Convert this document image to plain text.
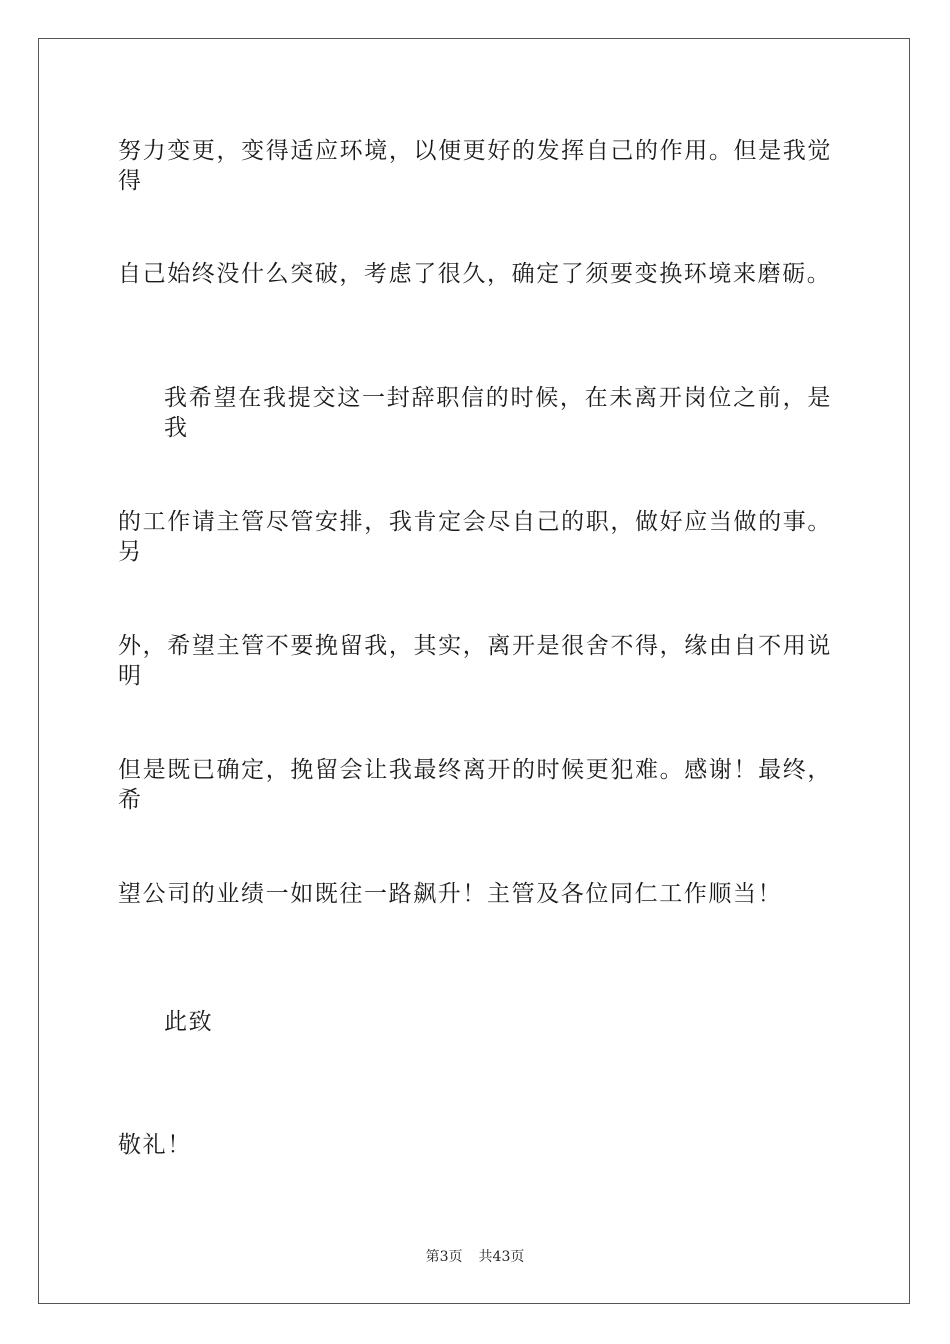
努力变更，变得适应环境，以便更好的发挥自己的作用。但是我觉得
自己始终没什么突破，考虑了很久，确定了须要变换环境来磨砺。
我希望在我提交这一封辞职信的时候，在未离开岗位之前，是我
的工作请主管尽管安排，我肯定会尽自己的职，做好应当做的事。另
外，希望主管不要挽留我，其实，离开是很舍不得，缘由自不用说明
但是既已确定，挽留会让我最终离开的时候更犯难。感谢！最终，希
望公司的业绩一如既往一路飙升！主管及各位同仁工作顺当！
此致
敬礼！
第3页 共43页
